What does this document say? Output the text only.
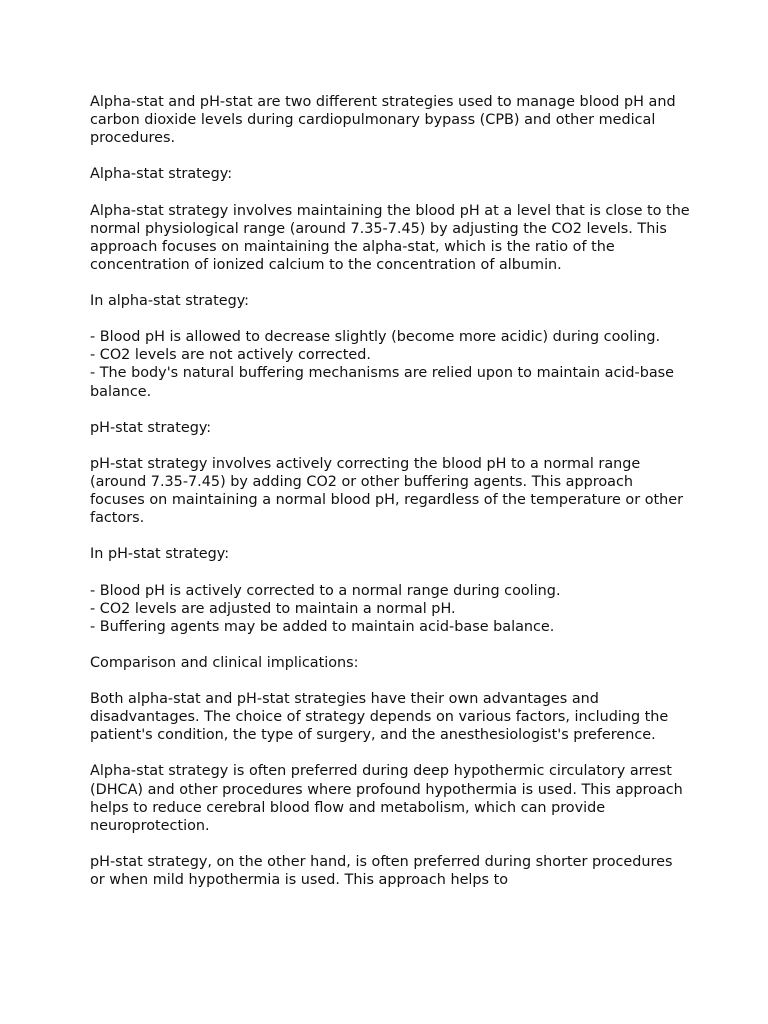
Alpha-stat and pH-stat are two different strategies used to manage blood pH and carbon dioxide levels during cardiopulmonary bypass (CPB) and other medical procedures.

Alpha-stat strategy:

Alpha-stat strategy involves maintaining the blood pH at a level that is close to the normal physiological range (around 7.35-7.45) by adjusting the CO2 levels. This approach focuses on maintaining the alpha-stat, which is the ratio of the concentration of ionized calcium to the concentration of albumin.

In alpha-stat strategy:

- Blood pH is allowed to decrease slightly (become more acidic) during cooling.
- CO2 levels are not actively corrected.
- The body's natural buffering mechanisms are relied upon to maintain acid-base balance.

pH-stat strategy:

pH-stat strategy involves actively correcting the blood pH to a normal range (around 7.35-7.45) by adding CO2 or other buffering agents. This approach focuses on maintaining a normal blood pH, regardless of the temperature or other factors.

In pH-stat strategy:

- Blood pH is actively corrected to a normal range during cooling.
- CO2 levels are adjusted to maintain a normal pH.
- Buffering agents may be added to maintain acid-base balance.

Comparison and clinical implications:

Both alpha-stat and pH-stat strategies have their own advantages and disadvantages. The choice of strategy depends on various factors, including the patient's condition, the type of surgery, and the anesthesiologist's preference.

Alpha-stat strategy is often preferred during deep hypothermic circulatory arrest (DHCA) and other procedures where profound hypothermia is used. This approach helps to reduce cerebral blood flow and metabolism, which can provide neuroprotection.

pH-stat strategy, on the other hand, is often preferred during shorter procedures or when mild hypothermia is used. This approach helps to
